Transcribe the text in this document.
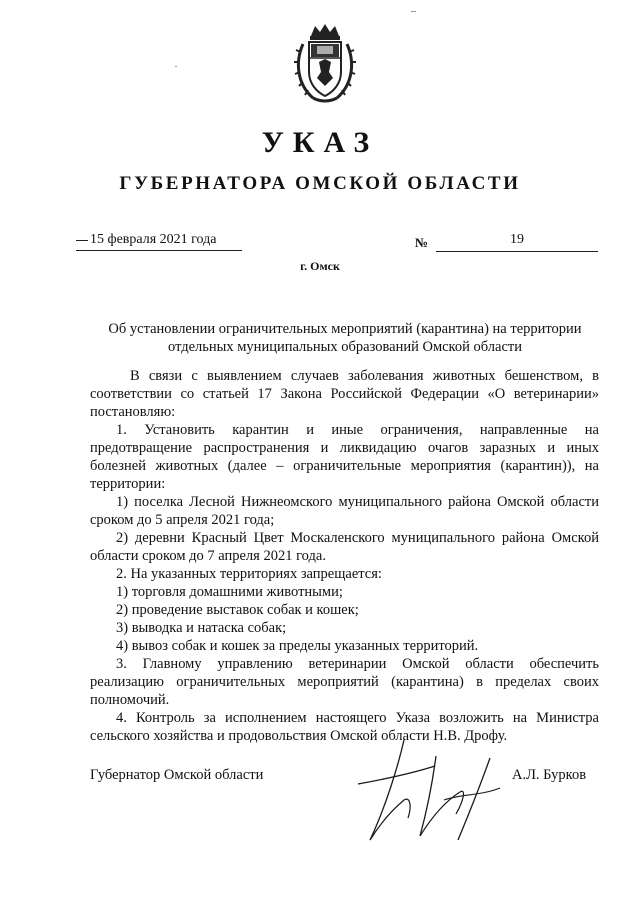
УКАЗ
ГУБЕРНАТОРА ОМСКОЙ ОБЛАСТИ
15 февраля 2021 года	№	19
г. Омск
Об установлении ограничительных мероприятий (карантина) на территории отдельных муниципальных образований Омской области

В связи с выявлением случаев заболевания животных бешенством, в соответствии со статьей 17 Закона Российской Федерации «О ветеринарии» постановляю:

1. Установить карантин и иные ограничения, направленные на предотвращение распространения и ликвидацию очагов заразных и иных болезней животных (далее – ограничительные мероприятия (карантин)), на территории:

1) поселка Лесной Нижнеомского муниципального района Омской области сроком до 5 апреля 2021 года;

2) деревни Красный Цвет Москаленского муниципального района Омской области сроком до 7 апреля 2021 года.

2. На указанных территориях запрещается:

1) торговля домашними животными;

2) проведение выставок собак и кошек;

3) выводка и натаска собак;

4) вывоз собак и кошек за пределы указанных территорий.

3. Главному управлению ветеринарии Омской области обеспечить реализацию ограничительных мероприятий (карантина) в пределах своих полномочий.

4. Контроль за исполнением настоящего Указа возложить на Министра сельского хозяйства и продовольствия Омской области Н.В. Дрофу.

Губернатор Омской области	А.Л. Бурков
